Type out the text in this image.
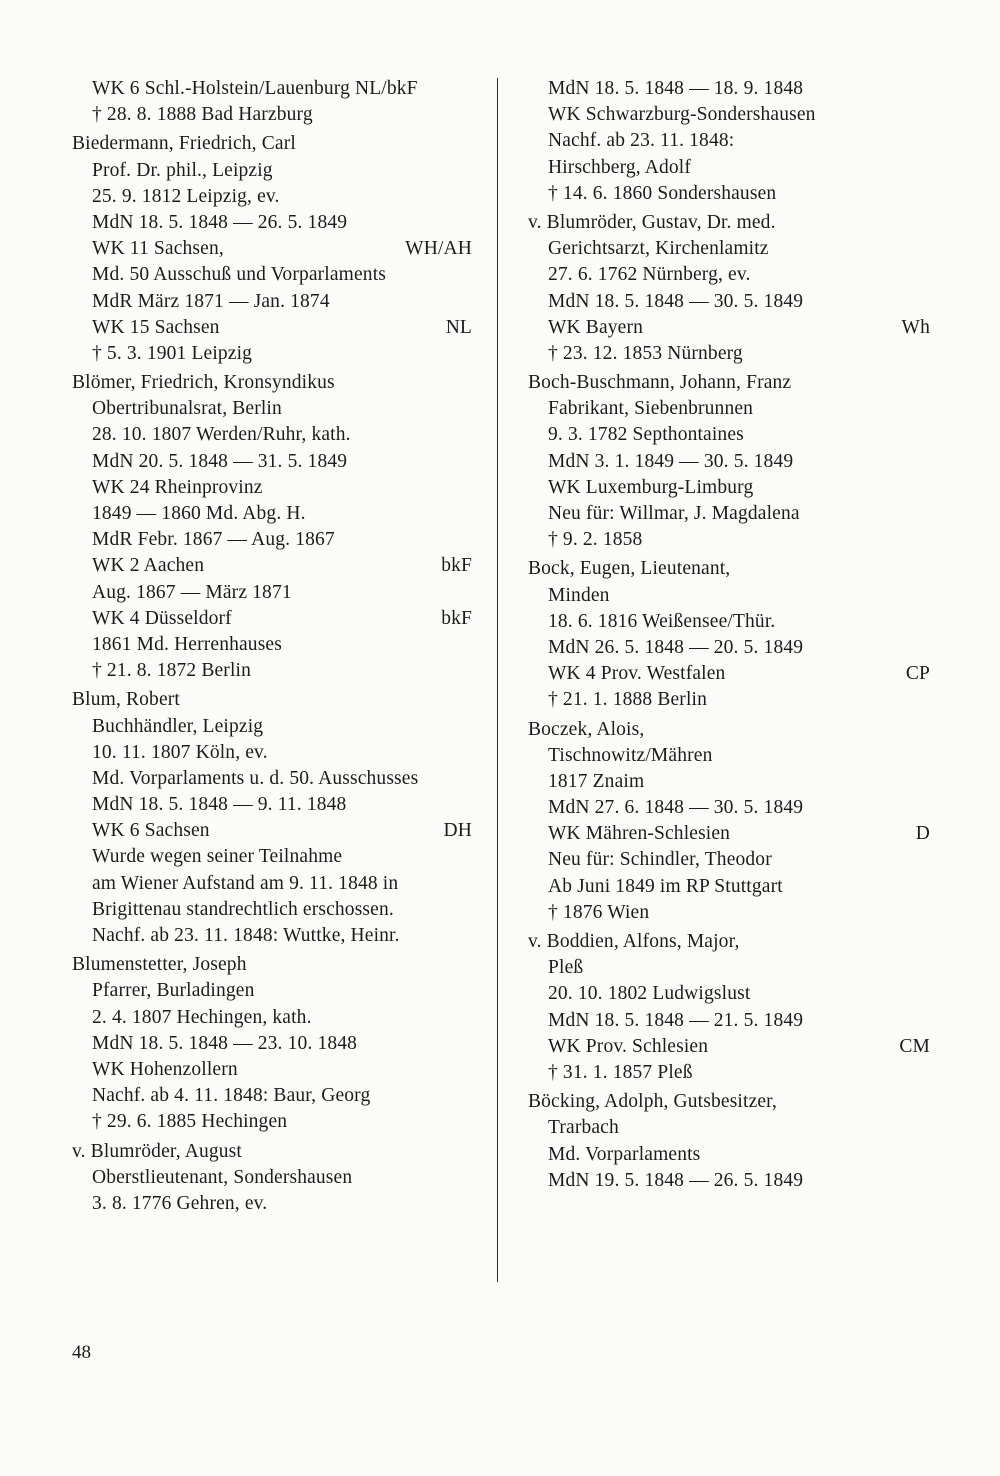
WK 6 Schl.-Holstein/Lauenburg NL/bkF
† 28. 8. 1888 Bad Harzburg
Biedermann, Friedrich, Carl
Prof. Dr. phil., Leipzig
25. 9. 1812 Leipzig, ev.
MdN 18. 5. 1848 — 26. 5. 1849
WK 11 Sachsen,	WH/AH
Md. 50 Ausschuß und Vorparlaments
MdR März 1871 — Jan. 1874
WK 15 Sachsen	NL
† 5. 3. 1901 Leipzig
Blömer, Friedrich, Kronsyndikus
Obertribunalsrat, Berlin
28. 10. 1807 Werden/Ruhr, kath.
MdN 20. 5. 1848 — 31. 5. 1849
WK 24 Rheinprovinz
1849 — 1860 Md. Abg. H.
MdR Febr. 1867 — Aug. 1867
WK 2 Aachen	bkF
Aug. 1867 — März 1871
WK 4 Düsseldorf	bkF
1861 Md. Herrenhauses
† 21. 8. 1872 Berlin
Blum, Robert
Buchhändler, Leipzig
10. 11. 1807 Köln, ev.
Md. Vorparlaments u. d. 50. Ausschusses
MdN 18. 5. 1848 — 9. 11. 1848
WK 6 Sachsen	DH
Wurde wegen seiner Teilnahme
am Wiener Aufstand am 9. 11. 1848 in
Brigittenau standrechtlich erschossen.
Nachf. ab 23. 11. 1848: Wuttke, Heinr.
Blumenstetter, Joseph
Pfarrer, Burladingen
2. 4. 1807 Hechingen, kath.
MdN 18. 5. 1848 — 23. 10. 1848
WK Hohenzollern
Nachf. ab 4. 11. 1848: Baur, Georg
† 29. 6. 1885 Hechingen
v. Blumröder, August
Oberstlieutenant, Sondershausen
3. 8. 1776 Gehren, ev.
MdN 18. 5. 1848 — 18. 9. 1848
WK Schwarzburg-Sondershausen
Nachf. ab 23. 11. 1848:
Hirschberg, Adolf
† 14. 6. 1860 Sondershausen
v. Blumröder, Gustav, Dr. med.
Gerichtsarzt, Kirchenlamitz
27. 6. 1762 Nürnberg, ev.
MdN 18. 5. 1848 — 30. 5. 1849
WK Bayern	Wh
† 23. 12. 1853 Nürnberg
Boch-Buschmann, Johann, Franz
Fabrikant, Siebenbrunnen
9. 3. 1782 Septhontaines
MdN 3. 1. 1849 — 30. 5. 1849
WK Luxemburg-Limburg
Neu für: Willmar, J. Magdalena
† 9. 2. 1858
Bock, Eugen, Lieutenant,
Minden
18. 6. 1816 Weißensee/Thür.
MdN 26. 5. 1848 — 20. 5. 1849
WK 4 Prov. Westfalen	CP
† 21. 1. 1888 Berlin
Boczek, Alois,
Tischnowitz/Mähren
1817 Znaim
MdN 27. 6. 1848 — 30. 5. 1849
WK Mähren-Schlesien	D
Neu für: Schindler, Theodor
Ab Juni 1849 im RP Stuttgart
† 1876 Wien
v. Boddien, Alfons, Major,
Pleß
20. 10. 1802 Ludwigslust
MdN 18. 5. 1848 — 21. 5. 1849
WK Prov. Schlesien	CM
† 31. 1. 1857 Pleß
Böcking, Adolph, Gutsbesitzer,
Trarbach
Md. Vorparlaments
MdN 19. 5. 1848 — 26. 5. 1849
48
